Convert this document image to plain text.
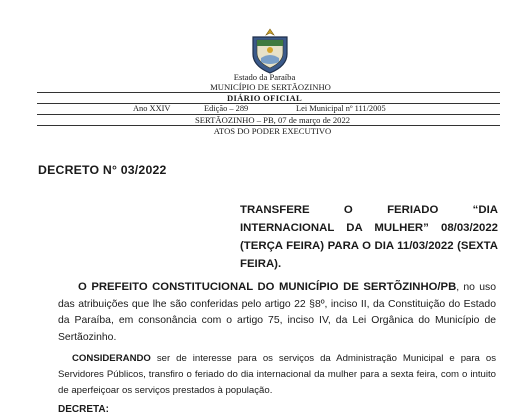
Estado da Paraíba
MUNICÍPIO DE SERTÃOZINHO
DIÁRIO OFICIAL
Ano XXIV	Edição – 289	Lei Municipal nº 111/2005
SERTÃOZINHO – PB, 07 de março de 2022
ATOS DO PODER EXECUTIVO
DECRETO N° 03/2022
TRANSFERE O FERIADO “DIA INTERNACIONAL DA MULHER” 08/03/2022 (TERÇA FEIRA) PARA O DIA 11/03/2022 (SEXTA FEIRA).
O PREFEITO CONSTITUCIONAL DO MUNICÍPIO DE SERTÕZINHO/PB, no uso das atribuições que lhe são conferidas pelo artigo 22 §8º, inciso II, da Constituição do Estado da Paraíba, em consonância com o artigo 75, inciso IV, da Lei Orgânica do Município de Sertãozinho.
CONSIDERANDO ser de interesse para os serviços da Administração Municipal e para os Servidores Públicos, transfiro o feriado do dia internacional da mulher para a sexta feira, com o intuito de aperfeiçoar os serviços prestados à população.
DECRETA:
